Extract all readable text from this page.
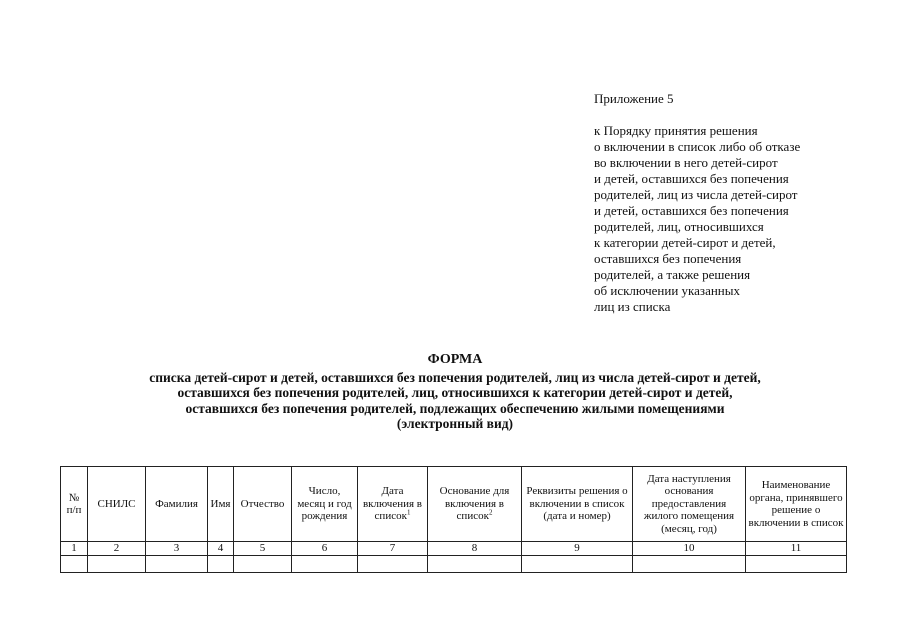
Приложение 5
к Порядку принятия решения
о включении в список либо об отказе
во включении в него детей-сирот
и детей, оставшихся без попечения
родителей, лиц из числа детей-сирот
и детей, оставшихся без попечения
родителей, лиц, относившихся
к категории детей-сирот и детей,
оставшихся без попечения
родителей, а также решения
об исключении указанных
лиц из списка
ФОРМА
списка детей-сирот и детей, оставшихся без попечения родителей, лиц из числа детей-сирот и детей,
оставшихся без попечения родителей, лиц, относившихся к категории детей-сирот и детей,
оставшихся без попечения родителей, подлежащих обеспечению жилыми помещениями
(электронный вид)
№ п/п	СНИЛС	Фамилия	Имя	Отчество	Число, месяц и год рождения	Дата включения в список$^1$	Основание для включения в список$^2$	Реквизиты решения о включении в список (дата и номер)	Дата наступления основания предоставления жилого помещения (месяц, год)	Наименование органа, принявшего решение о включении в список
1	2	3	4	5	6	7	8	9	10	11
